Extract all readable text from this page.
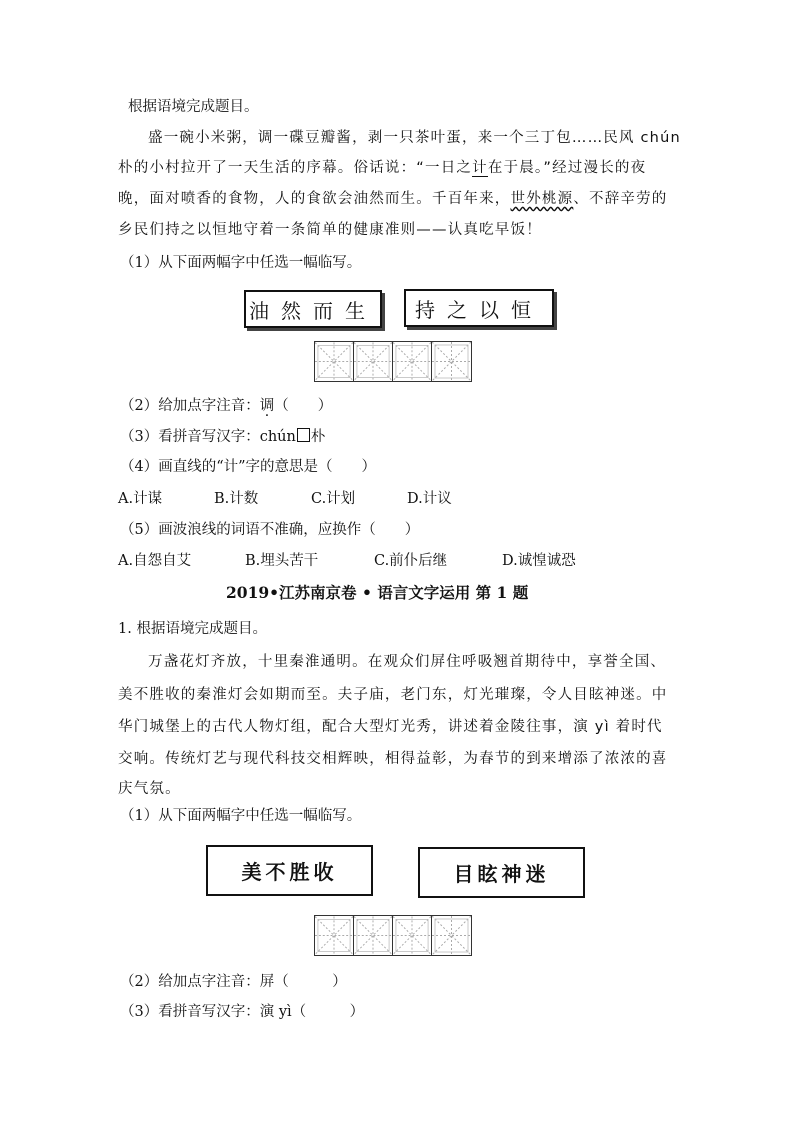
根据语境完成题目。
盛一碗小米粥，调一碟豆瓣酱，剥一只茶叶蛋，来一个三丁包……民风 chún
朴的小村拉开了一天生活的序幕。俗话说：“一日之计在于晨。”经过漫长的夜
晚，面对喷香的食物，人的食欲会油然而生。千百年来，世外桃源、不辞辛劳的
乡民们持之以恒地守着一条简单的健康准则——认真吃早饭！
（1）从下面两幅字中任选一幅临写。
油然而生	持之以恒
（2）给加点字注音：调（　　）
（3）看拼音写汉字：chún 朴
（4）画直线的“计”字的意思是（　　）
A.计谋	B.计数	C.计划	D.计议
（5）画波浪线的词语不准确，应换作（　　）
A.自怨自艾	B.埋头苦干	C.前仆后继	D.诚惶诚恐
2019•江苏南京卷 • 语言文字运用 第 1 题
1. 根据语境完成题目。
万盏花灯齐放，十里秦淮通明。在观众们屏住呼吸翘首期待中，享誉全国、
美不胜收的秦淮灯会如期而至。夫子庙，老门东，灯光璀璨，令人目眩神迷。中
华门城堡上的古代人物灯组，配合大型灯光秀，讲述着金陵往事，演 yì 着时代
交响。传统灯艺与现代科技交相辉映，相得益彰，为春节的到来增添了浓浓的喜
庆气氛。
（1）从下面两幅字中任选一幅临写。
美不胜收	目眩神迷
（2）给加点字注音：屏（　　　）
（3）看拼音写汉字：演 yì（　　　）
